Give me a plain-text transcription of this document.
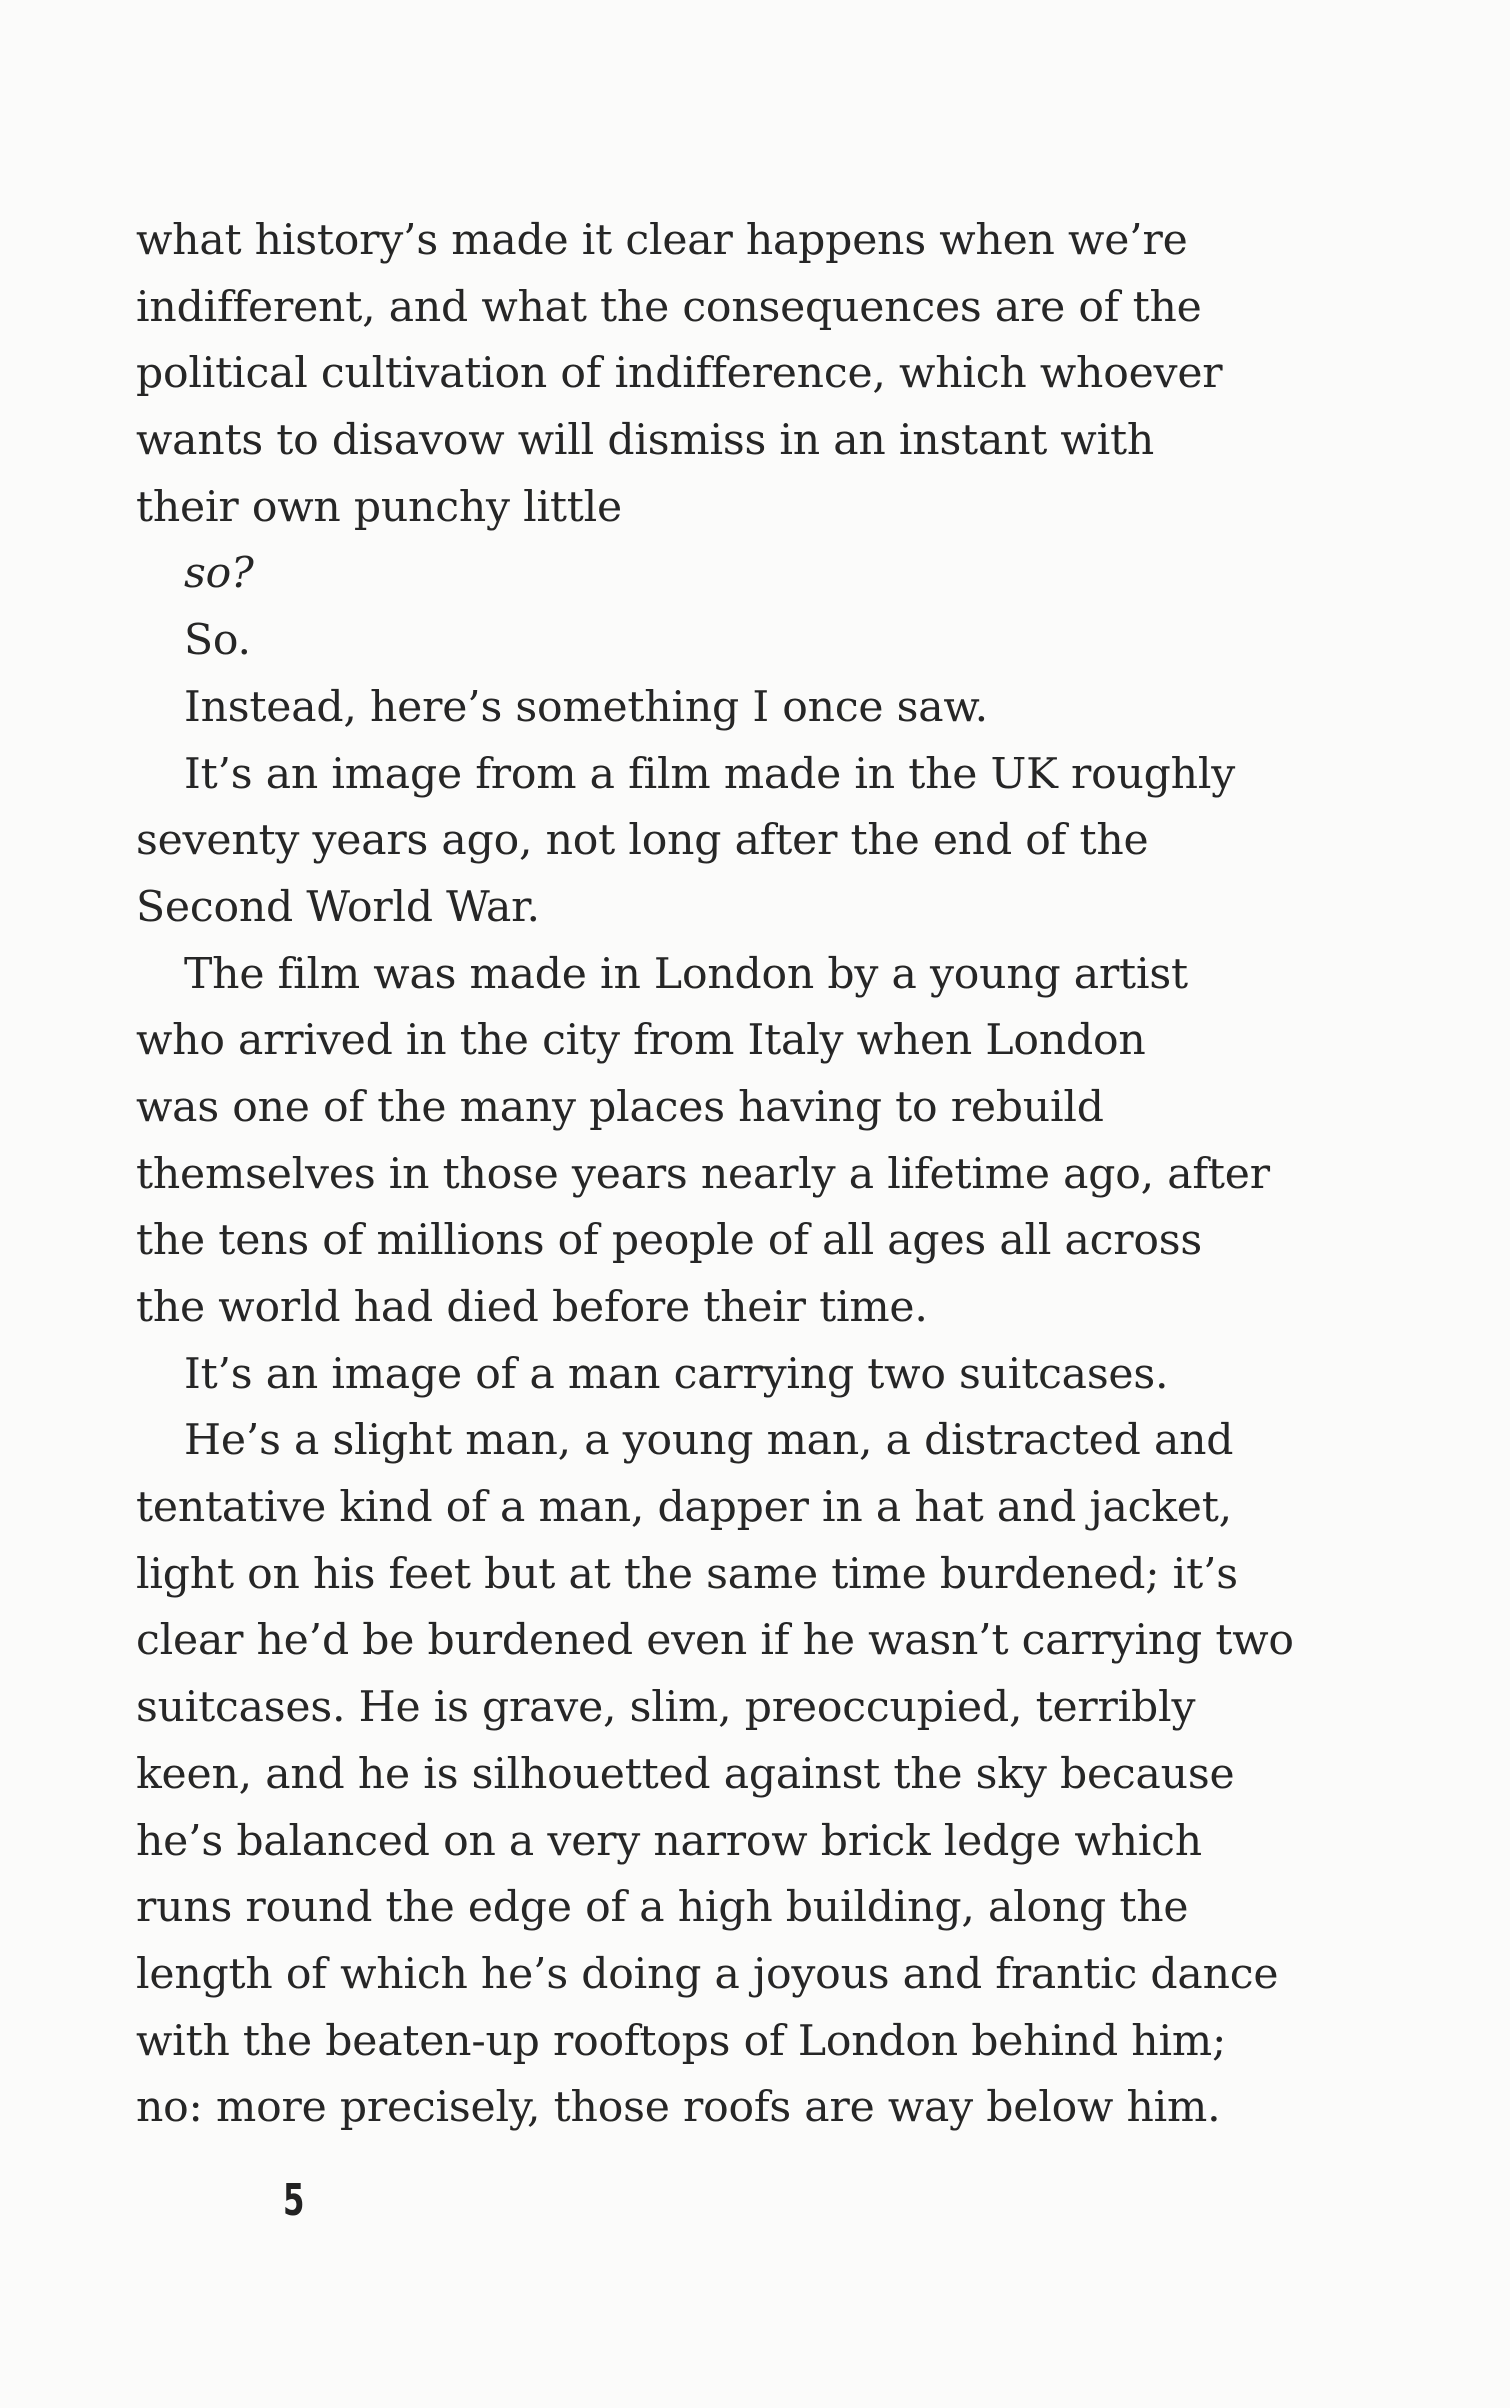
what history’s made it clear happens when we’re
indifferent, and what the consequences are of the
political cultivation of indifference, which whoever
wants to disavow will dismiss in an instant with
their own punchy little
so?
So.
Instead, here’s something I once saw.
It’s an image from a film made in the UK roughly
seventy years ago, not long after the end of the
Second World War.
The film was made in London by a young artist
who arrived in the city from Italy when London
was one of the many places having to rebuild
themselves in those years nearly a lifetime ago, after
the tens of millions of people of all ages all across
the world had died before their time.
It’s an image of a man carrying two suitcases.
He’s a slight man, a young man, a distracted and
tentative kind of a man, dapper in a hat and jacket,
light on his feet but at the same time burdened; it’s
clear he’d be burdened even if he wasn’t carrying two
suitcases. He is grave, slim, preoccupied, terribly
keen, and he is silhouetted against the sky because
he’s balanced on a very narrow brick ledge which
runs round the edge of a high building, along the
length of which he’s doing a joyous and frantic dance
with the beaten-up rooftops of London behind him;
no: more precisely, those roofs are way below him.
5
